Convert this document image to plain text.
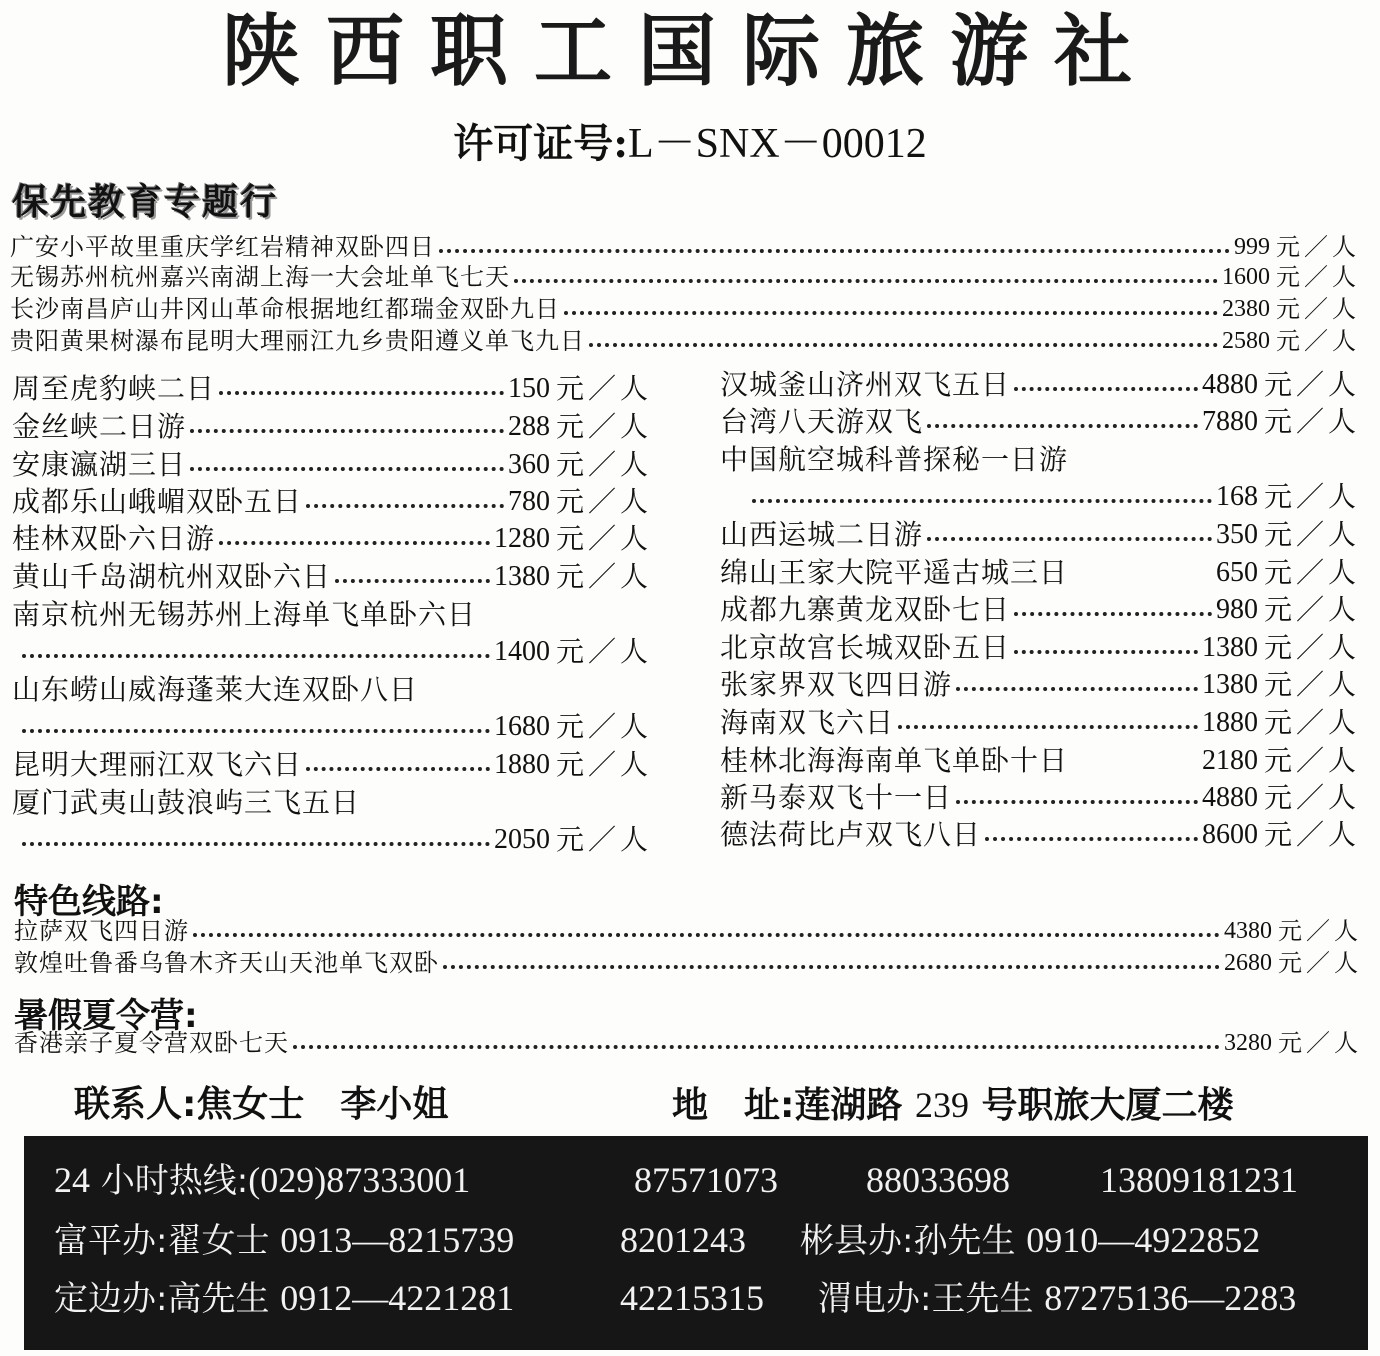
陕西职工国际旅游社
许可证号:L－SNX－00012
保先教育专题行
广安小平故里重庆学红岩精神双卧四日	999 元／人
无锡苏州杭州嘉兴南湖上海一大会址单飞七天	1600 元／人
长沙南昌庐山井冈山革命根据地红都瑞金双卧九日	2380 元／人
贵阳黄果树瀑布昆明大理丽江九乡贵阳遵义单飞九日	2580 元／人
周至虎豹峡二日	150 元／人
金丝峡二日游	288 元／人
安康瀛湖三日	360 元／人
成都乐山峨嵋双卧五日	780 元／人
桂林双卧六日游	1280 元／人
黄山千岛湖杭州双卧六日	1380 元／人
南京杭州无锡苏州上海单飞单卧六日
1400 元／人
山东崂山威海蓬莱大连双卧八日
1680 元／人
昆明大理丽江双飞六日	1880 元／人
厦门武夷山鼓浪屿三飞五日
2050 元／人
汉城釜山济州双飞五日	4880 元／人
台湾八天游双飞	7880 元／人
中国航空城科普探秘一日游
168 元／人
山西运城二日游	350 元／人
绵山王家大院平遥古城三日	650 元／人
成都九寨黄龙双卧七日	980 元／人
北京故宫长城双卧五日	1380 元／人
张家界双飞四日游	1380 元／人
海南双飞六日	1880 元／人
桂林北海海南单飞单卧十日	2180 元／人
新马泰双飞十一日	4880 元／人
德法荷比卢双飞八日	8600 元／人
特色线路:
拉萨双飞四日游	4380 元／人
敦煌吐鲁番乌鲁木齐天山天池单飞双卧	2680 元／人
暑假夏令营:
香港亲子夏令营双卧七天	3280 元／人
联系人:焦女士　李小姐	地　址:莲湖路 239 号职旅大厦二楼
24 小时热线:(029)87333001	87571073 88033698	13809181231
富平办:翟女士 0913—8215739	8201243 彬县办:孙先生 0910—4922852
定边办:高先生 0912—4221281	42215315 渭电办:王先生 87275136—2283
